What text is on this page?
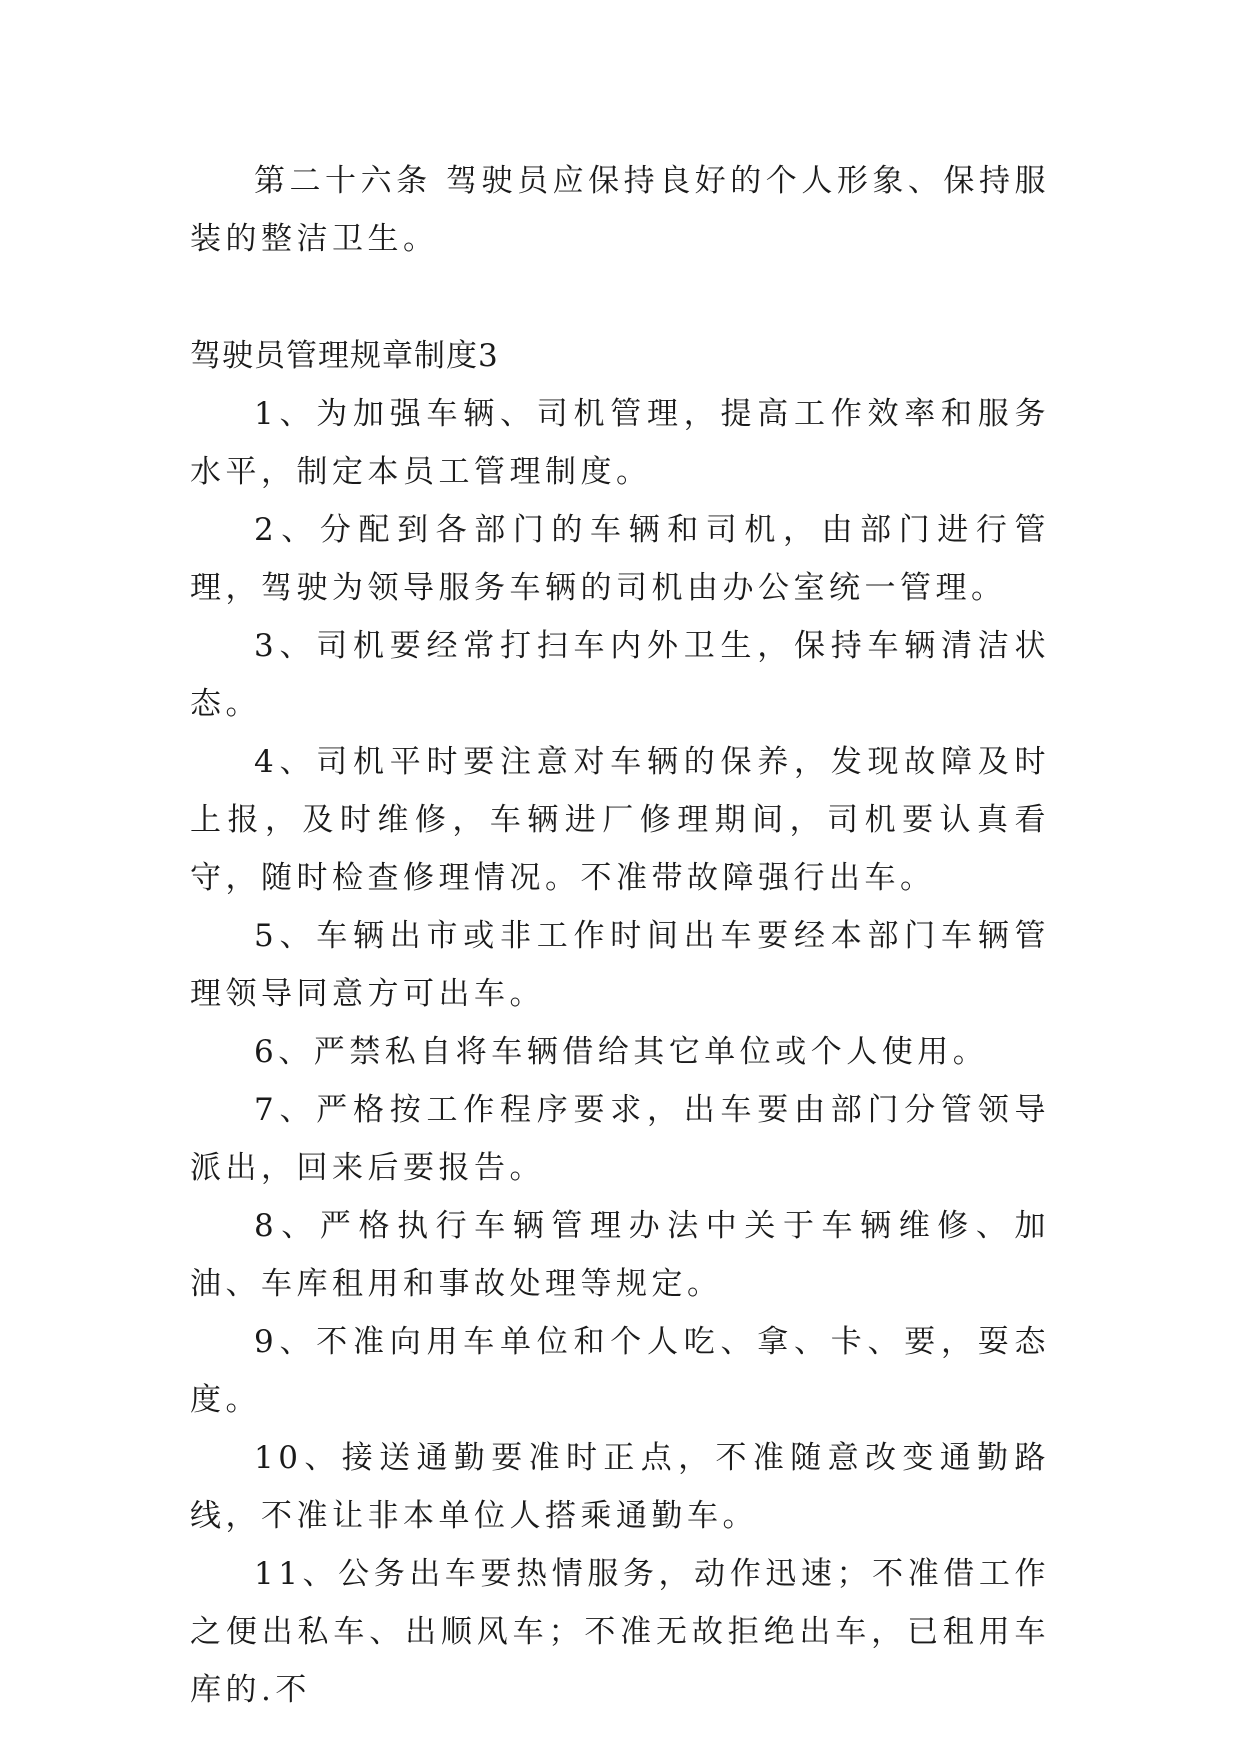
第二十六条 驾驶员应保持良好的个人形象、保持服装的整洁卫生。

驾驶员管理规章制度3

1、为加强车辆、司机管理，提高工作效率和服务水平，制定本员工管理制度。

2、分配到各部门的车辆和司机，由部门进行管理，驾驶为领导服务车辆的司机由办公室统一管理。

3、司机要经常打扫车内外卫生，保持车辆清洁状态。

4、司机平时要注意对车辆的保养，发现故障及时上报，及时维修，车辆进厂修理期间，司机要认真看守，随时检查修理情况。不准带故障强行出车。

5、车辆出市或非工作时间出车要经本部门车辆管理领导同意方可出车。

6、严禁私自将车辆借给其它单位或个人使用。

7、严格按工作程序要求，出车要由部门分管领导派出，回来后要报告。

8、严格执行车辆管理办法中关于车辆维修、加油、车库租用和事故处理等规定。

9、不准向用车单位和个人吃、拿、卡、要，耍态度。

10、接送通勤要准时正点，不准随意改变通勤路线，不准让非本单位人搭乘通勤车。

11、公务出车要热情服务，动作迅速；不准借工作之便出私车、出顺风车；不准无故拒绝出车，已租用车库的.不
